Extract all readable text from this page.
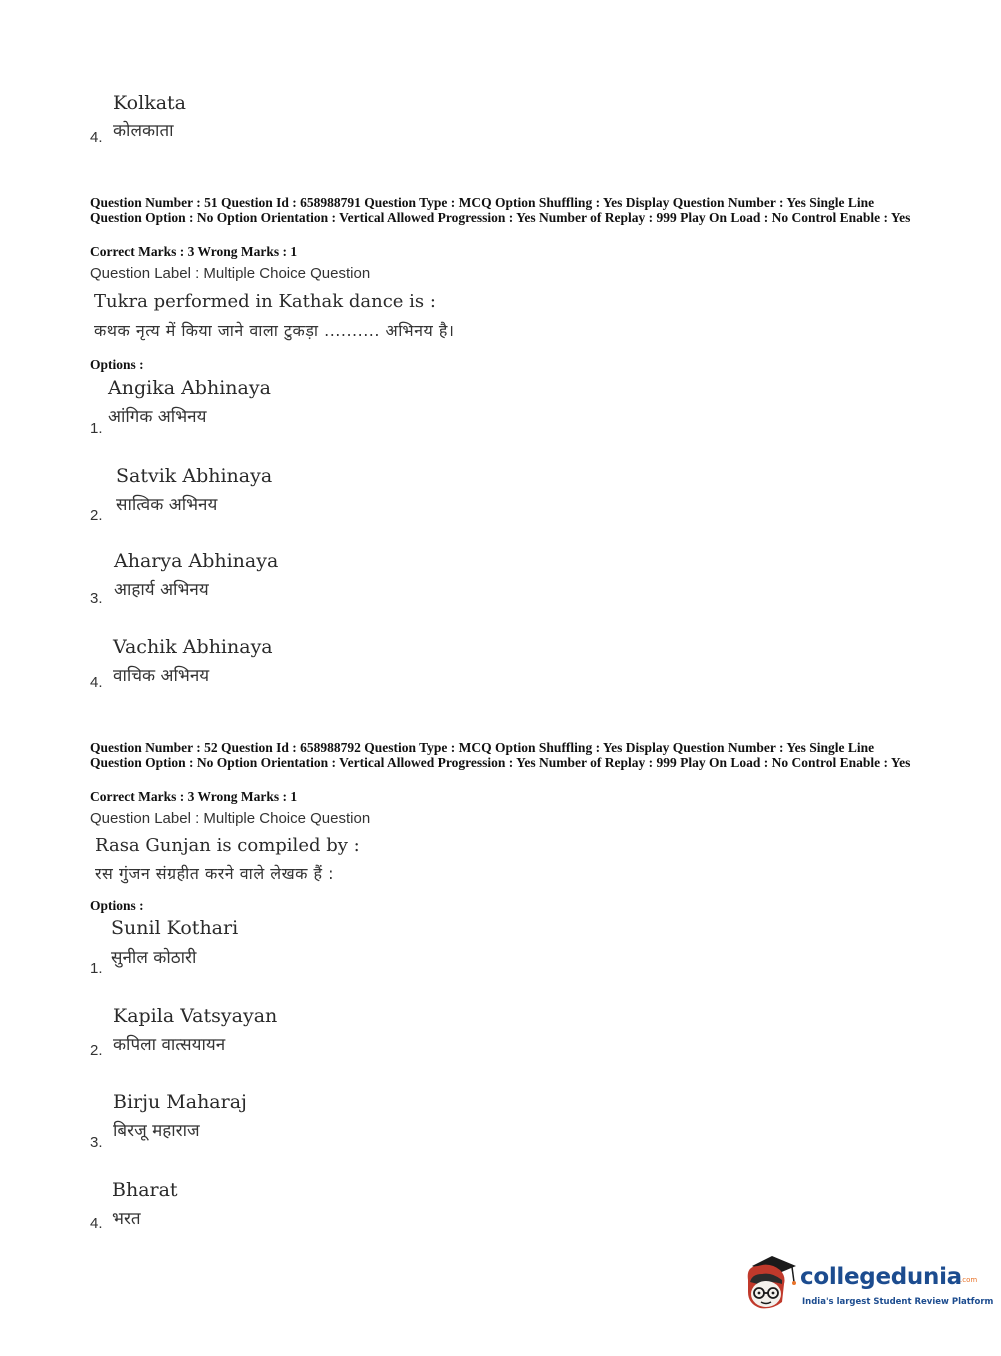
Kolkata
4. कोलकाता
Question Number : 51 Question Id : 658988791 Question Type : MCQ Option Shuffling : Yes Display Question Number : Yes Single Line Question Option : No Option Orientation : Vertical Allowed Progression : Yes Number of Replay : 999 Play On Load : No Control Enable : Yes
Correct Marks : 3 Wrong Marks : 1
Question Label : Multiple Choice Question
Tukra performed in Kathak dance is :
कथक नृत्य में किया जाने वाला टुकड़ा .......... अभिनय है।
Options :
Angika Abhinaya
आंगिक अभिनय
1.
Satvik Abhinaya
सात्विक अभिनय
2.
Aharya Abhinaya
आहार्य अभिनय
3.
Vachik Abhinaya
वाचिक अभिनय
4.
Question Number : 52 Question Id : 658988792 Question Type : MCQ Option Shuffling : Yes Display Question Number : Yes Single Line Question Option : No Option Orientation : Vertical Allowed Progression : Yes Number of Replay : 999 Play On Load : No Control Enable : Yes
Correct Marks : 3 Wrong Marks : 1
Question Label : Multiple Choice Question
Rasa Gunjan is compiled by :
रस गुंजन संग्रहीत करने वाले लेखक हैं :
Options :
Sunil Kothari
सुनील कोठारी
1.
Kapila Vatsyayan
कपिला वात्सयायन
2.
Birju Maharaj
बिरजू महाराज
3.
Bharat
भरत
4.
collegedunia
.com
India's largest Student Review Platform
